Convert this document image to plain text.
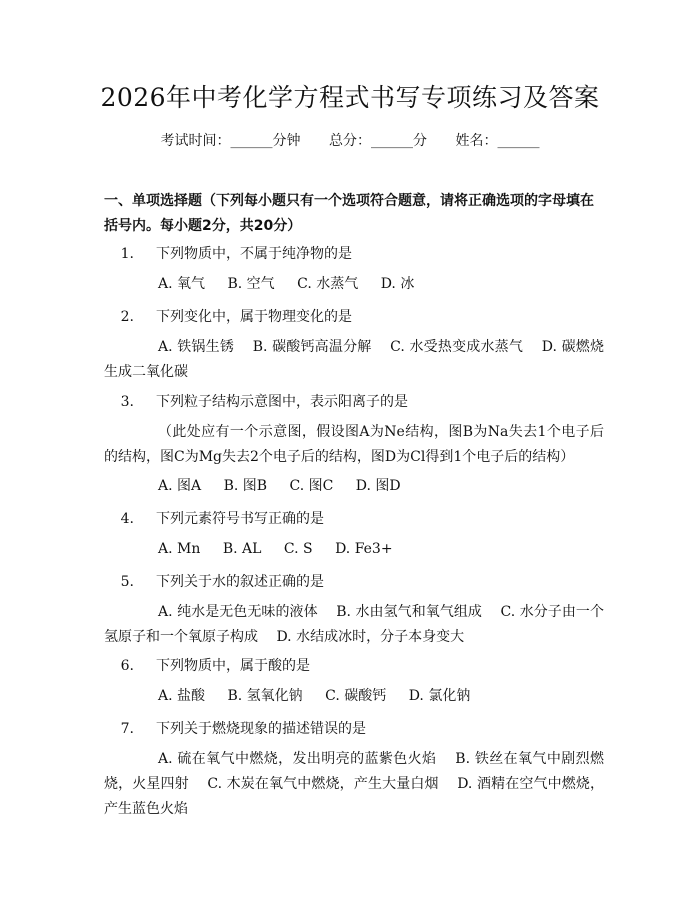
2026年中考化学方程式书写专项练习及答案
考试时间：______分钟 总分：______分 姓名：______
一、单项选择题（下列每小题只有一个选项符合题意，请将正确选项的字母填在括号内。每小题2分，共20分）
1. 下列物质中，不属于纯净物的是
A. 氧气 B. 空气 C. 水蒸气 D. 冰
2. 下列变化中，属于物理变化的是
A. 铁锅生锈 B. 碳酸钙高温分解 C. 水受热变成水蒸气 D. 碳燃烧生成二氧化碳
3. 下列粒子结构示意图中，表示阳离子的是
（此处应有一个示意图，假设图A为Ne结构，图B为Na失去1个电子后的结构，图C为Mg失去2个电子后的结构，图D为Cl得到1个电子后的结构）
A. 图A B. 图B C. 图C D. 图D
4. 下列元素符号书写正确的是
A. Mn B. AL C. S D. Fe3+
5. 下列关于水的叙述正确的是
A. 纯水是无色无味的液体 B. 水由氢气和氧气组成 C. 水分子由一个氢原子和一个氧原子构成 D. 水结成冰时，分子本身变大
6. 下列物质中，属于酸的是
A. 盐酸 B. 氢氧化钠 C. 碳酸钙 D. 氯化钠
7. 下列关于燃烧现象的描述错误的是
A. 硫在氧气中燃烧，发出明亮的蓝紫色火焰 B. 铁丝在氧气中剧烈燃烧，火星四射 C. 木炭在氧气中燃烧，产生大量白烟 D. 酒精在空气中燃烧，产生蓝色火焰
